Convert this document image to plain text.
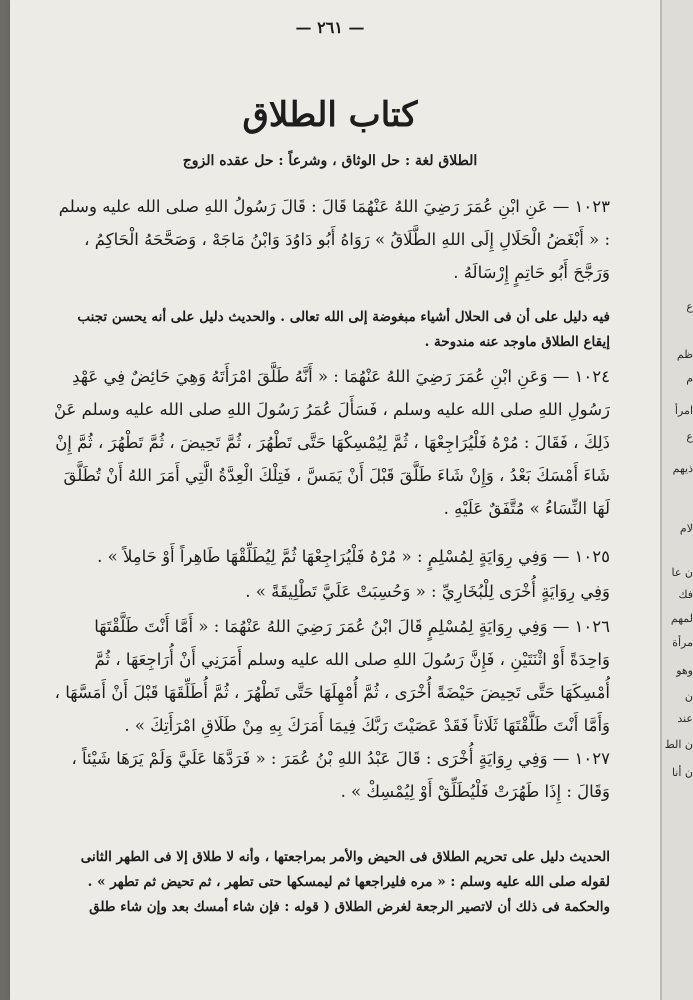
— ٢٦١ —
كتاب الطلاق
الطلاق لغة : حل الوثاق ، وشرعاً : حل عقده الزوج

١٠٢٣ — عَنِ ابْنِ عُمَرَ رَضِيَ اللهُ عَنْهُمَا قَالَ : قَالَ رَسُولُ اللهِ صلى الله عليه وسلم : « أَبْغَضُ الْحَلَالِ إِلَى اللهِ الطَّلَاقُ » رَوَاهُ أَبُو دَاوُدَ وَابْنُ مَاجَهْ ، وَصَحَّحَهُ الْحَاكِمُ ، وَرَجَّحَ أَبُو حَاتِمٍ إِرْسَالَهُ .

فيه دليل على أن فى الحلال أشياء مبغوضة إلى الله تعالى . والحديث دليل على أنه يحسن تجنب إيقاع الطلاق ماوجد عنه مندوحة .

١٠٢٤ — وَعَنِ ابْنِ عُمَرَ رَضِيَ اللهُ عَنْهُمَا : « أَنَّهُ طَلَّقَ امْرَأَتَهُ وَهِيَ حَائِضٌ فِي عَهْدِ رَسُولِ اللهِ صلى الله عليه وسلم ، فَسَأَلَ عُمَرُ رَسُولَ اللهِ صلى الله عليه وسلم عَنْ ذَلِكَ ، فَقَالَ : مُرْهُ فَلْيُرَاجِعْهَا ، ثُمَّ لِيُمْسِكْهَا حَتَّى تَطْهُرَ ، ثُمَّ تَحِيضَ ، ثُمَّ تَطْهُرَ ، ثُمَّ إِنْ شَاءَ أَمْسَكَ بَعْدُ ، وَإِنْ شَاءَ طَلَّقَ قَبْلَ أَنْ يَمَسَّ ، فَتِلْكَ الْعِدَّةُ الَّتِي أَمَرَ اللهُ أَنْ تُطَلَّقَ لَهَا النِّسَاءُ » مُتَّفَقٌ عَلَيْهِ .

١٠٢٥ — وَفِي رِوَايَةٍ لِمُسْلِمٍ : « مُرْهُ فَلْيُرَاجِعْهَا ثُمَّ لِيُطَلِّقْهَا طَاهِراً أَوْ حَامِلاً » .

وَفِي رِوَايَةٍ أُخْرَى لِلْبُخَارِيِّ : « وَحُسِبَتْ عَلَيَّ تَطْلِيقَةً » .

١٠٢٦ — وَفِي رِوَايَةٍ لِمُسْلِمٍ قَالَ ابْنُ عُمَرَ رَضِيَ اللهُ عَنْهُمَا : « أَمَّا أَنْتَ طَلَّقْتَهَا وَاحِدَةً أَوْ اثْنَتَيْنِ ، فَإِنَّ رَسُولَ اللهِ صلى الله عليه وسلم أَمَرَنِي أَنْ أُرَاجِعَهَا ، ثُمَّ أُمْسِكَهَا حَتَّى تَحِيضَ حَيْضَةً أُخْرَى ، ثُمَّ أُمْهِلَهَا حَتَّى تَطْهُرَ ، ثُمَّ أُطَلِّقَهَا قَبْلَ أَنْ أَمَسَّهَا ، وَأَمَّا أَنْتَ طَلَّقْتَهَا ثَلَاثاً فَقَدْ عَصَيْتَ رَبَّكَ فِيمَا أَمَرَكَ بِهِ مِنْ طَلَاقِ امْرَأَتِكَ » .

١٠٢٧ — وَفِي رِوَايَةٍ أُخْرَى : قَالَ عَبْدُ اللهِ بْنُ عُمَرَ : « فَرَدَّهَا عَلَيَّ وَلَمْ يَرَهَا شَيْئاً ، وَقَالَ : إِذَا طَهُرَتْ فَلْيُطَلِّقْ أَوْ لِيُمْسِكْ » .

الحديث دليل على تحريم الطلاق فى الحيض والأمر بمراجعتها ، وأنه لا طلاق إلا فى الطهر الثانى لقوله صلى الله عليه وسلم : « مره فليراجعها ثم ليمسكها حتى تطهر ، ثم تحيض ثم تطهر » . والحكمة فى ذلك أن لاتصير الرجعة لغرض الطلاق ( قوله : فإن شاء أمسك بعد وإن شاء طلق

ع
ظم
م
امرأ
ع
ذيهم
لام
ن عا
فك
لمهم
مرأة
وهو
ن
عند
ن الط
ن أنا
